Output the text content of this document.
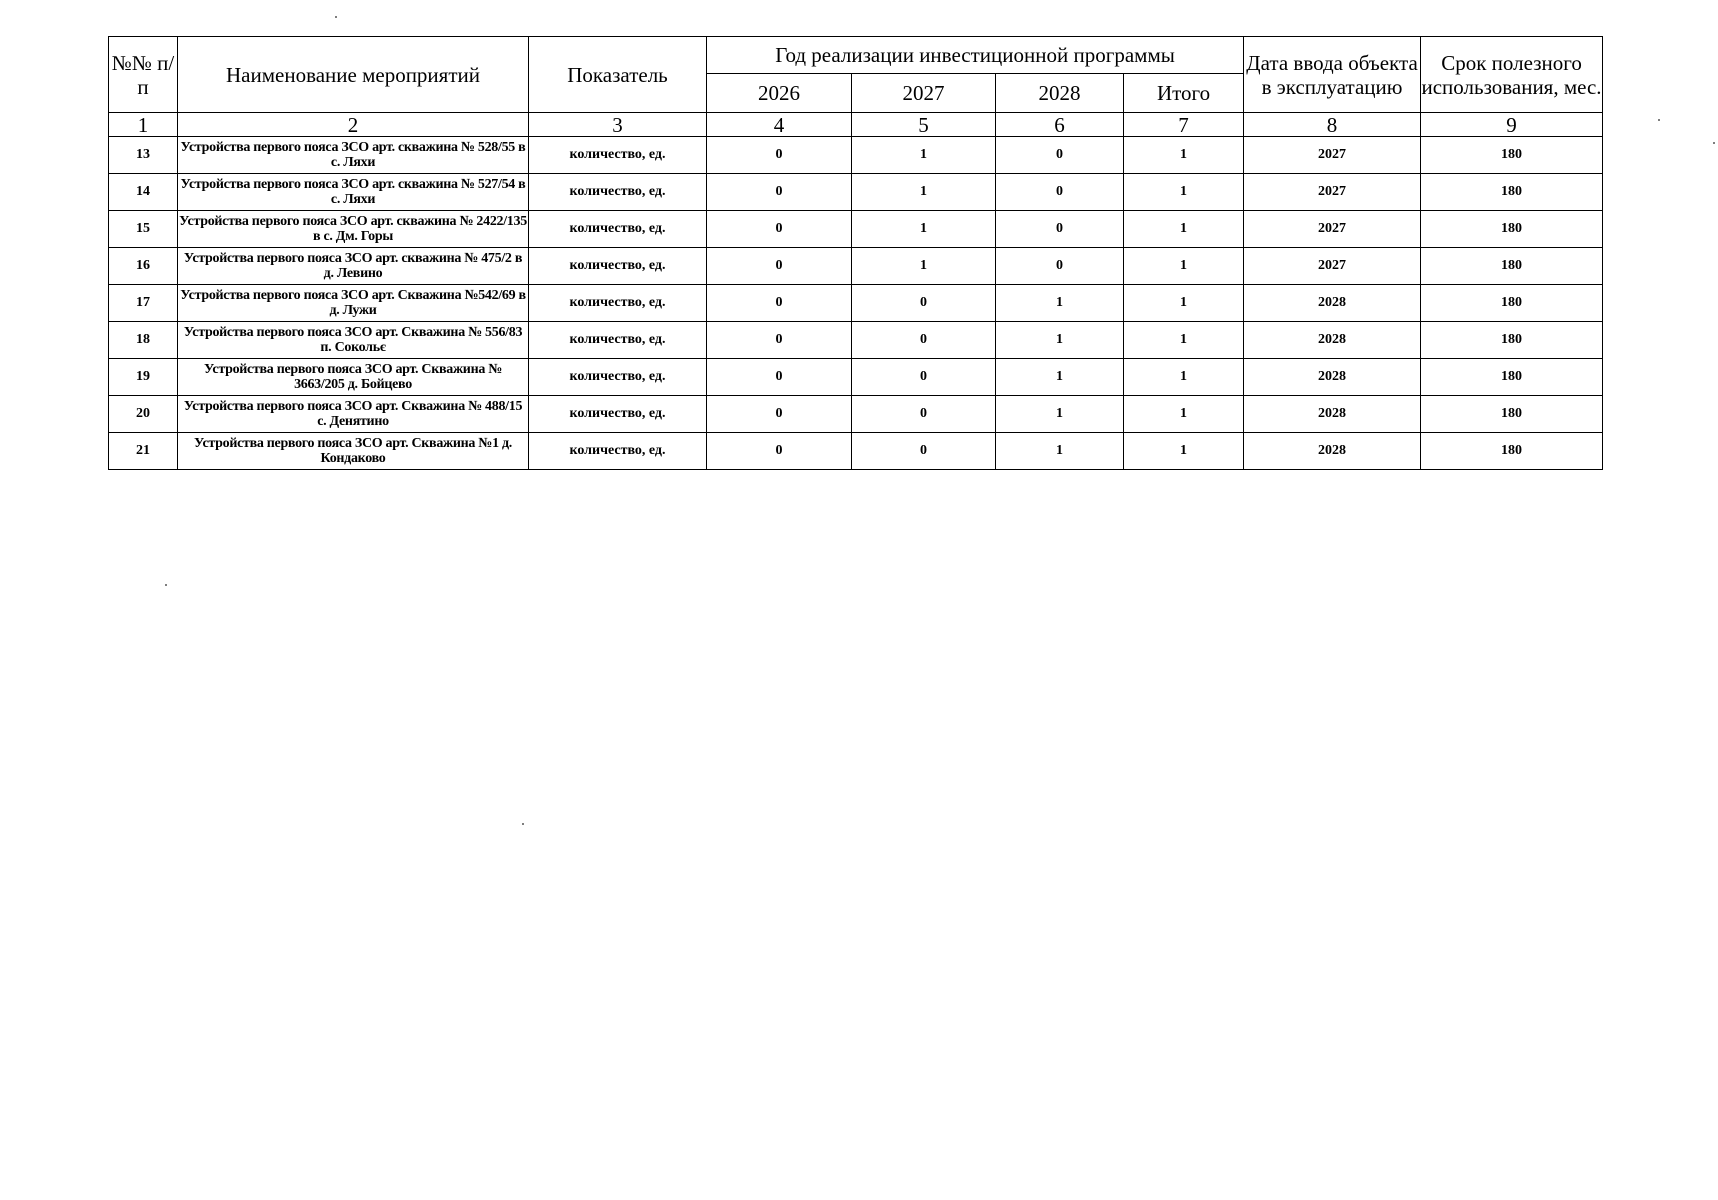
№№ п/п	Наименование мероприятий	Показатель	Год реализации инвестиционной программы				Дата ввода объекта в эксплуатацию	Срок полезного использования, мес.
			2026	2027	2028	Итого		
1	2	3	4	5	6	7	8	9
13	Устройства первого пояса ЗСО арт. скважина № 528/55 в с. Ляхи	количество, ед.	0	1	0	1	2027	180
14	Устройства первого пояса ЗСО арт. скважина № 527/54 в с. Ляхи	количество, ед.	0	1	0	1	2027	180
15	Устройства первого пояса ЗСО арт. скважина № 2422/135 в с. Дм. Горы	количество, ед.	0	1	0	1	2027	180
16	Устройства первого пояса ЗСО арт. скважина № 475/2 в д. Левино	количество, ед.	0	1	0	1	2027	180
17	Устройства первого пояса ЗСО арт. Скважина №542/69 в д. Лужи	количество, ед.	0	0	1	1	2028	180
18	Устройства первого пояса ЗСО арт. Скважина № 556/83 п. Сокольє	количество, ед.	0	0	1	1	2028	180
19	Устройства первого пояса ЗСО арт. Скважина № 3663/205 д. Бойцево	количество, ед.	0	0	1	1	2028	180
20	Устройства первого пояса ЗСО арт. Скважина № 488/15 с. Денятино	количество, ед.	0	0	1	1	2028	180
21	Устройства первого пояса ЗСО арт. Скважина №1 д. Кондаково	количество, ед.	0	0	1	1	2028	180
